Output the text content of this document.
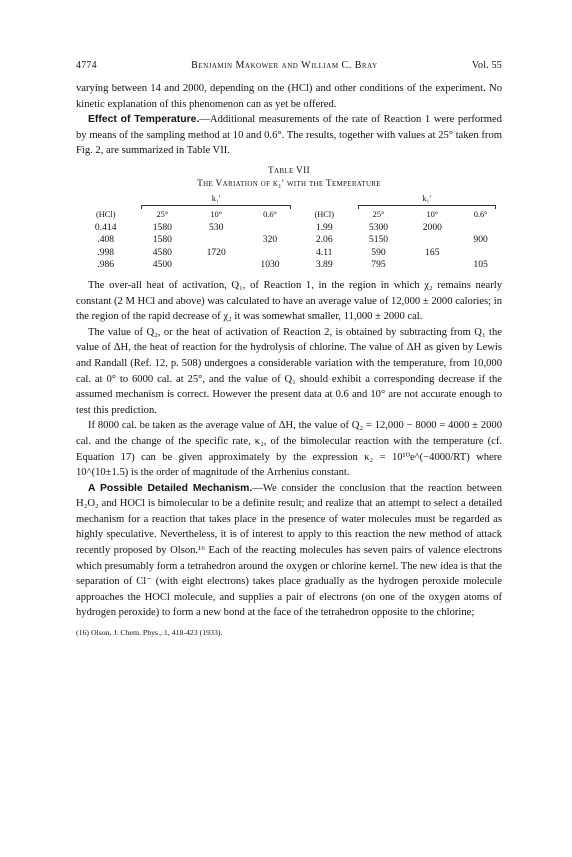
4774	Benjamin Makower and William C. Bray	Vol. 55

varying between 14 and 2000, depending on the (HCl) and other conditions of the experiment. No kinetic explanation of this phenomenon can as yet be offered.

Effect of Temperature.—Additional measurements of the rate of Reaction 1 were performed by means of the sampling method at 10 and 0.6°. The results, together with values at 25° taken from Fig. 2, are summarized in Table VII.

Table VII
The Variation of k₁′ with the Temperature
	k₁′				k₁′		

(HCl)	25°	10°	0.6°	(HCl)	25°	10°	0.6°
0.414	1580	530		1.99	5300	2000	
.408	1580		320	2.06	5150		900
.998	4580	1720		4.11	590	165	
.986	4500		1030	3.89	795		105

The over-all heat of activation, Q₁, of Reaction 1, in the region in which χ₂ remains nearly constant (2 M HCl and above) was calculated to have an average value of 12,000 ± 2000 calories; in the region of the rapid decrease of χ₂ it was somewhat smaller, 11,000 ± 2000 cal.

The value of Q₂, or the heat of activation of Reaction 2, is obtained by subtracting from Q₁ the value of ΔH, the heat of reaction for the hydrolysis of chlorine. The value of ΔH as given by Lewis and Randall (Ref. 12, p. 508) undergoes a considerable variation with the temperature, from 10,000 cal. at 0° to 6000 cal. at 25°, and the value of Q₁ should exhibit a corresponding decrease if the assumed mechanism is correct. However the present data at 0.6 and 10° are not accurate enough to test this prediction.

If 8000 cal. be taken as the average value of ΔH, the value of Q₂ = 12,000 − 8000 = 4000 ± 2000 cal. and the change of the specific rate, κ₂, of the bimolecular reaction with the temperature (cf. Equation 17) can be given approximately by the expression κ₂ = 10¹⁰e^(−4000/RT) where 10^(10±1.5) is the order of magnitude of the Arrhenius constant.

A Possible Detailed Mechanism.—We consider the conclusion that the reaction between H₂O₂ and HOCl is bimolecular to be a definite result; and realize that an attempt to select a detailed mechanism for a reaction that takes place in the presence of water molecules must be regarded as highly speculative. Nevertheless, it is of interest to apply to this reaction the new method of attack recently proposed by Olson.¹⁶ Each of the reacting molecules has seven pairs of valence electrons which presumably form a tetrahedron around the oxygen or chlorine kernel. The new idea is that the separation of Cl⁻ (with eight electrons) takes place gradually as the hydrogen peroxide molecule approaches the HOCl molecule, and supplies a pair of electrons (on one of the oxygen atoms of hydrogen peroxide) to form a new bond at the face of the tetrahedron opposite to the chlorine;

(16) Olson, J. Chem. Phys., 1, 418-423 (1933).
